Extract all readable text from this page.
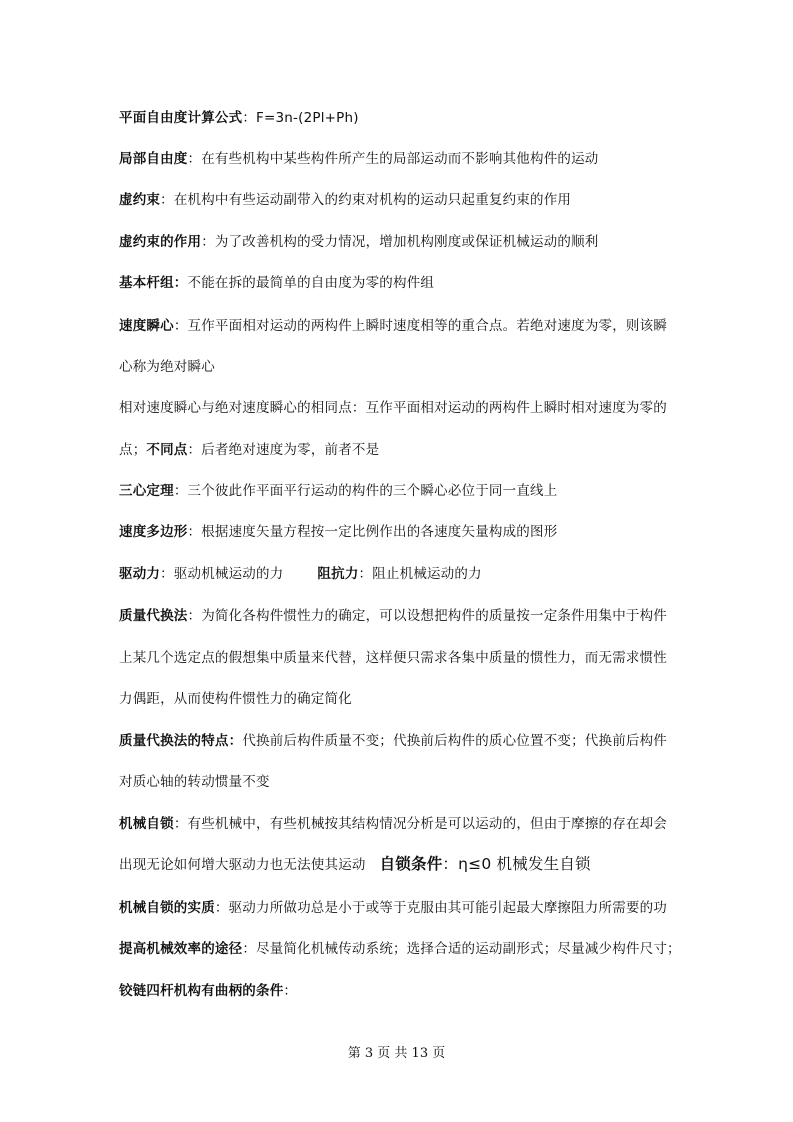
平面自由度计算公式：F=3n-(2Pl+Ph)
局部自由度：在有些机构中某些构件所产生的局部运动而不影响其他构件的运动
虚约束：在机构中有些运动副带入的约束对机构的运动只起重复约束的作用
虚约束的作用：为了改善机构的受力情况，增加机构刚度或保证机械运动的顺利
基本杆组：不能在拆的最简单的自由度为零的构件组
速度瞬心：互作平面相对运动的两构件上瞬时速度相等的重合点。若绝对速度为零，则该瞬
心称为绝对瞬心
相对速度瞬心与绝对速度瞬心的相同点：互作平面相对运动的两构件上瞬时相对速度为零的
点；不同点：后者绝对速度为零，前者不是
三心定理：三个彼此作平面平行运动的构件的三个瞬心必位于同一直线上
速度多边形：根据速度矢量方程按一定比例作出的各速度矢量构成的图形
驱动力：驱动机械运动的力	阻抗力：阻止机械运动的力
质量代换法：为简化各构件惯性力的确定，可以设想把构件的质量按一定条件用集中于构件
上某几个选定点的假想集中质量来代替，这样便只需求各集中质量的惯性力，而无需求惯性
力偶距，从而使构件惯性力的确定简化
质量代换法的特点：代换前后构件质量不变；代换前后构件的质心位置不变；代换前后构件
对质心轴的转动惯量不变
机械自锁：有些机械中，有些机械按其结构情况分析是可以运动的，但由于摩擦的存在却会
出现无论如何增大驱动力也无法使其运动 自锁条件：η≤0 机械发生自锁
机械自锁的实质：驱动力所做功总是小于或等于克服由其可能引起最大摩擦阻力所需要的功
提高机械效率的途径：尽量简化机械传动系统；选择合适的运动副形式；尽量减少构件尺寸；
铰链四杆机构有曲柄的条件：
第 3 页 共 13 页
